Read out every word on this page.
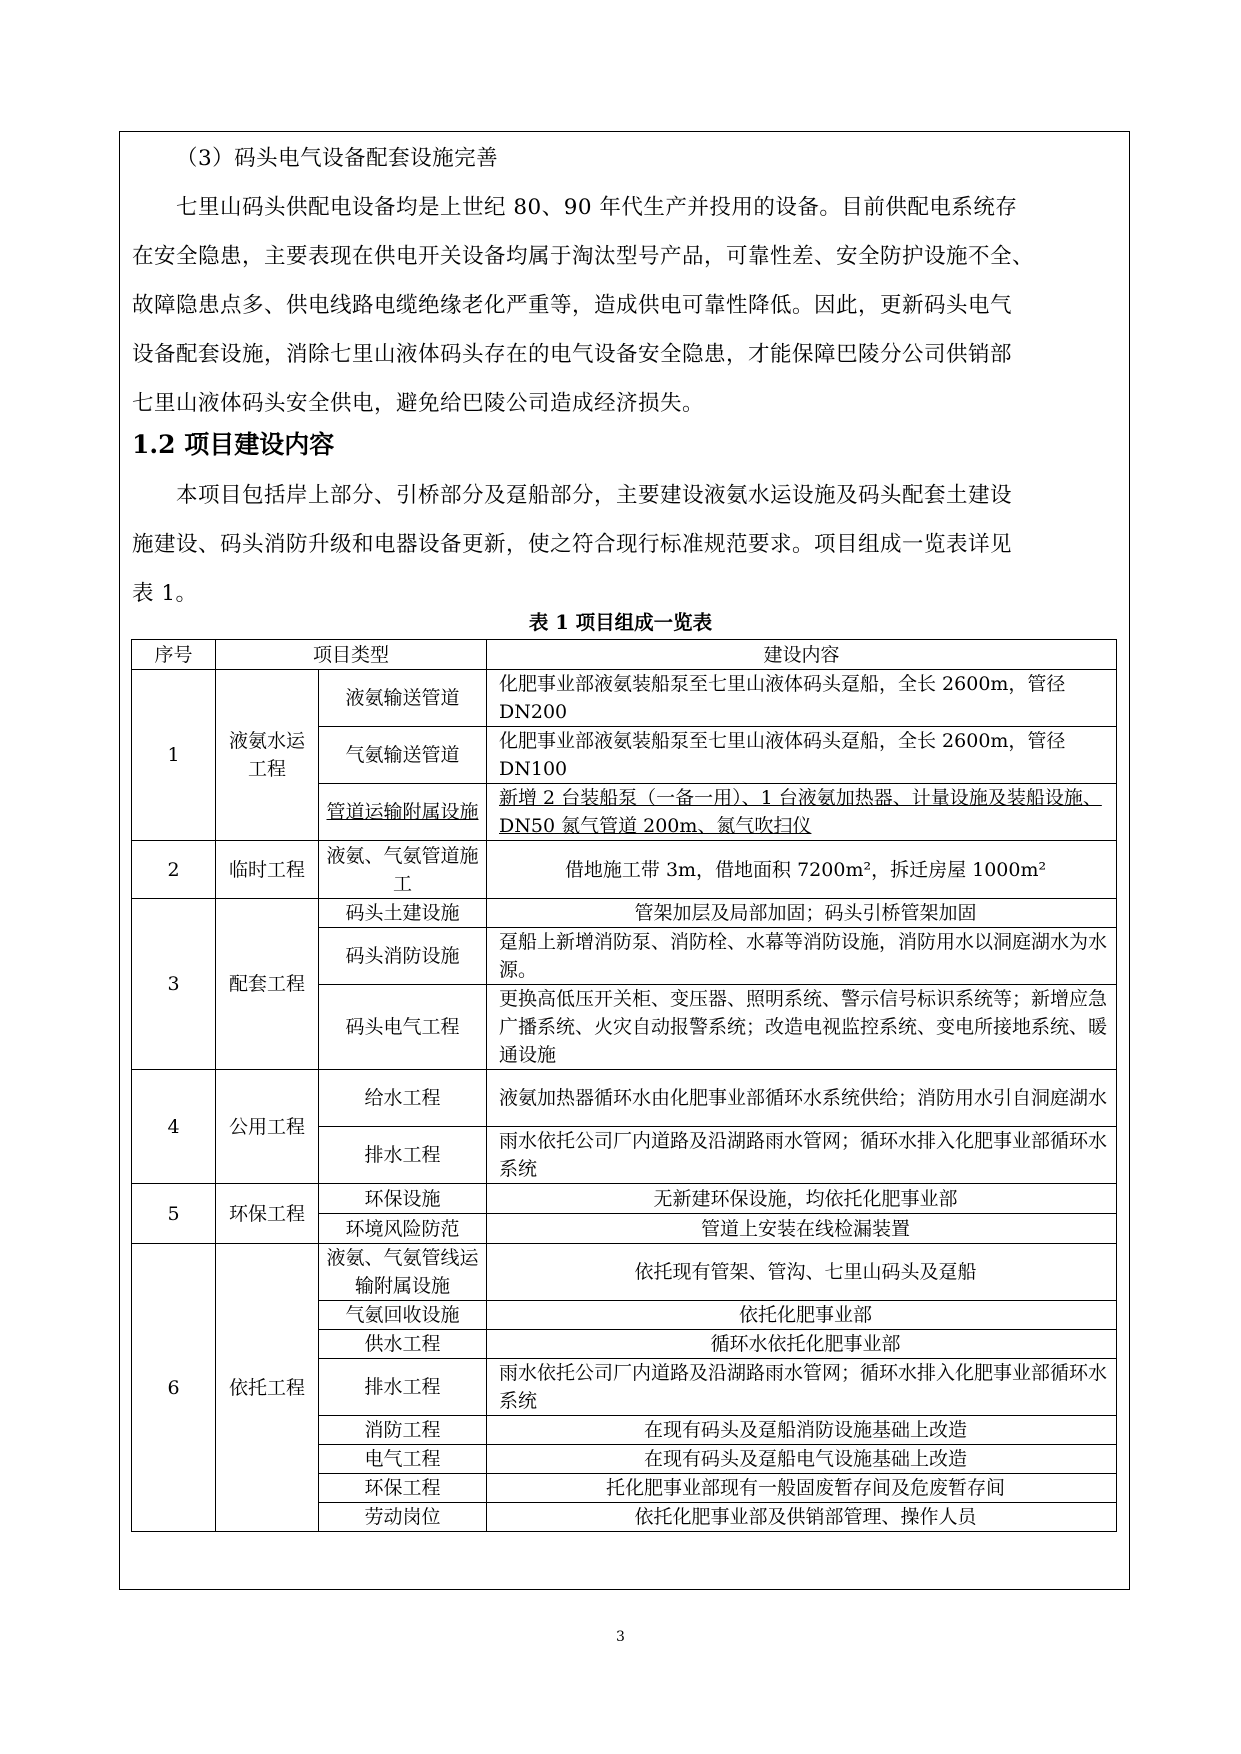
（3）码头电气设备配套设施完善
七里山码头供配电设备均是上世纪 80、90 年代生产并投用的设备。目前供配电系统存
在安全隐患，主要表现在供电开关设备均属于淘汰型号产品，可靠性差、安全防护设施不全、
故障隐患点多、供电线路电缆绝缘老化严重等，造成供电可靠性降低。因此，更新码头电气
设备配套设施，消除七里山液体码头存在的电气设备安全隐患，才能保障巴陵分公司供销部
七里山液体码头安全供电，避免给巴陵公司造成经济损失。
1.2 项目建设内容
本项目包括岸上部分、引桥部分及趸船部分，主要建设液氨水运设施及码头配套土建设
施建设、码头消防升级和电器设备更新，使之符合现行标准规范要求。项目组成一览表详见
表 1。
表 1 项目组成一览表
序号	项目类型		建设内容
1	液氨水运工程	液氨输送管道	化肥事业部液氨装船泵至七里山液体码头趸船，全长 2600m，管径 DN200
		气氨输送管道	化肥事业部液氨装船泵至七里山液体码头趸船，全长 2600m，管径 DN100
		管道运输附属设施	新增 2 台装船泵（一备一用）、1 台液氨加热器、计量设施及装船设施、DN50 氮气管道 200m、氮气吹扫仪
2	临时工程	液氨、气氨管道施工	借地施工带 3m，借地面积 7200m²，拆迁房屋 1000m²
3	配套工程	码头土建设施	管架加层及局部加固；码头引桥管架加固
		码头消防设施	趸船上新增消防泵、消防栓、水幕等消防设施，消防用水以洞庭湖水为水源。
		码头电气工程	更换高低压开关柜、变压器、照明系统、警示信号标识系统等；新增应急广播系统、火灾自动报警系统；改造电视监控系统、变电所接地系统、暖通设施
4	公用工程	给水工程	液氨加热器循环水由化肥事业部循环水系统供给；消防用水引自洞庭湖水
		排水工程	雨水依托公司厂内道路及沿湖路雨水管网；循环水排入化肥事业部循环水系统
5	环保工程	环保设施	无新建环保设施，均依托化肥事业部
		环境风险防范	管道上安装在线检漏装置
6	依托工程	液氨、气氨管线运输附属设施	依托现有管架、管沟、七里山码头及趸船
		气氨回收设施	依托化肥事业部
		供水工程	循环水依托化肥事业部
		排水工程	雨水依托公司厂内道路及沿湖路雨水管网；循环水排入化肥事业部循环水系统
		消防工程	在现有码头及趸船消防设施基础上改造
		电气工程	在现有码头及趸船电气设施基础上改造
		环保工程	托化肥事业部现有一般固废暂存间及危废暂存间
		劳动岗位	依托化肥事业部及供销部管理、操作人员
3
